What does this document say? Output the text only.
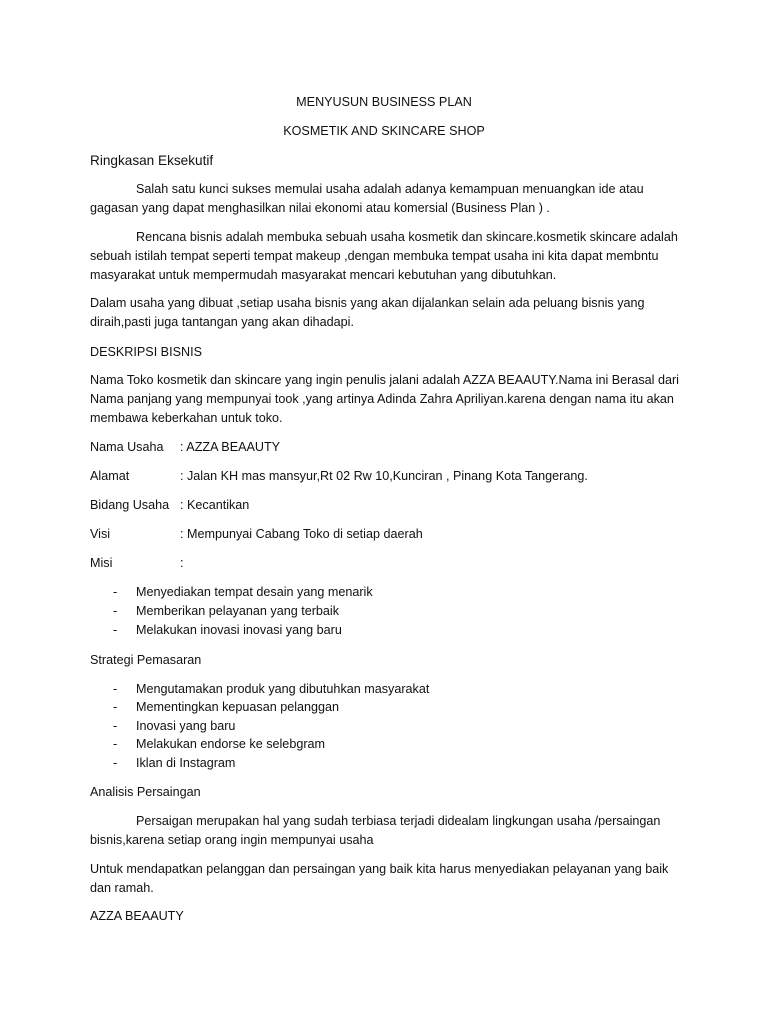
MENYUSUN BUSINESS PLAN

KOSMETIK AND SKINCARE SHOP

Ringkasan Eksekutif

Salah satu kunci sukses memulai usaha adalah adanya kemampuan menuangkan ide atau

gagasan yang dapat menghasilkan nilai ekonomi atau komersial (Business Plan ) .

Rencana bisnis adalah membuka sebuah usaha kosmetik dan skincare.kosmetik skincare adalah

sebuah istilah tempat seperti tempat makeup ,dengan membuka tempat usaha ini kita dapat membntu

masyarakat untuk mempermudah masyarakat mencari kebutuhan yang dibutuhkan.

Dalam usaha yang dibuat ,setiap usaha bisnis yang akan dijalankan selain ada peluang bisnis yang

diraih,pasti juga tantangan yang akan dihadapi.

DESKRIPSI BISNIS

Nama Toko kosmetik dan skincare yang ingin penulis jalani adalah AZZA BEAAUTY.Nama ini Berasal dari

Nama panjang yang mempunyai took ,yang artinya Adinda Zahra Apriliyan.karena dengan nama itu akan

membawa keberkahan untuk toko.

Nama Usaha : AZZA BEAAUTY
Alamat	: Jalan KH mas mansyur,Rt 02 Rw 10,Kunciran , Pinang Kota Tangerang.
Bidang Usaha : Kecantikan
Visi	: Mempunyai Cabang Toko di setiap daerah
Misi	:
- Menyediakan tempat desain yang menarik
- Memberikan pelayanan yang terbaik
- Melakukan inovasi inovasi yang baru

Strategi Pemasaran

- Mengutamakan produk yang dibutuhkan masyarakat
- Mementingkan kepuasan pelanggan
- Inovasi yang baru
- Melakukan endorse ke selebgram
- Iklan di Instagram

Analisis Persaingan

Persaigan merupakan hal yang sudah terbiasa terjadi didealam lingkungan usaha /persaingan

bisnis,karena setiap orang ingin mempunyai usaha

Untuk mendapatkan pelanggan dan persaingan yang baik kita harus menyediakan pelayanan yang baik

dan ramah.

AZZA BEAAUTY
